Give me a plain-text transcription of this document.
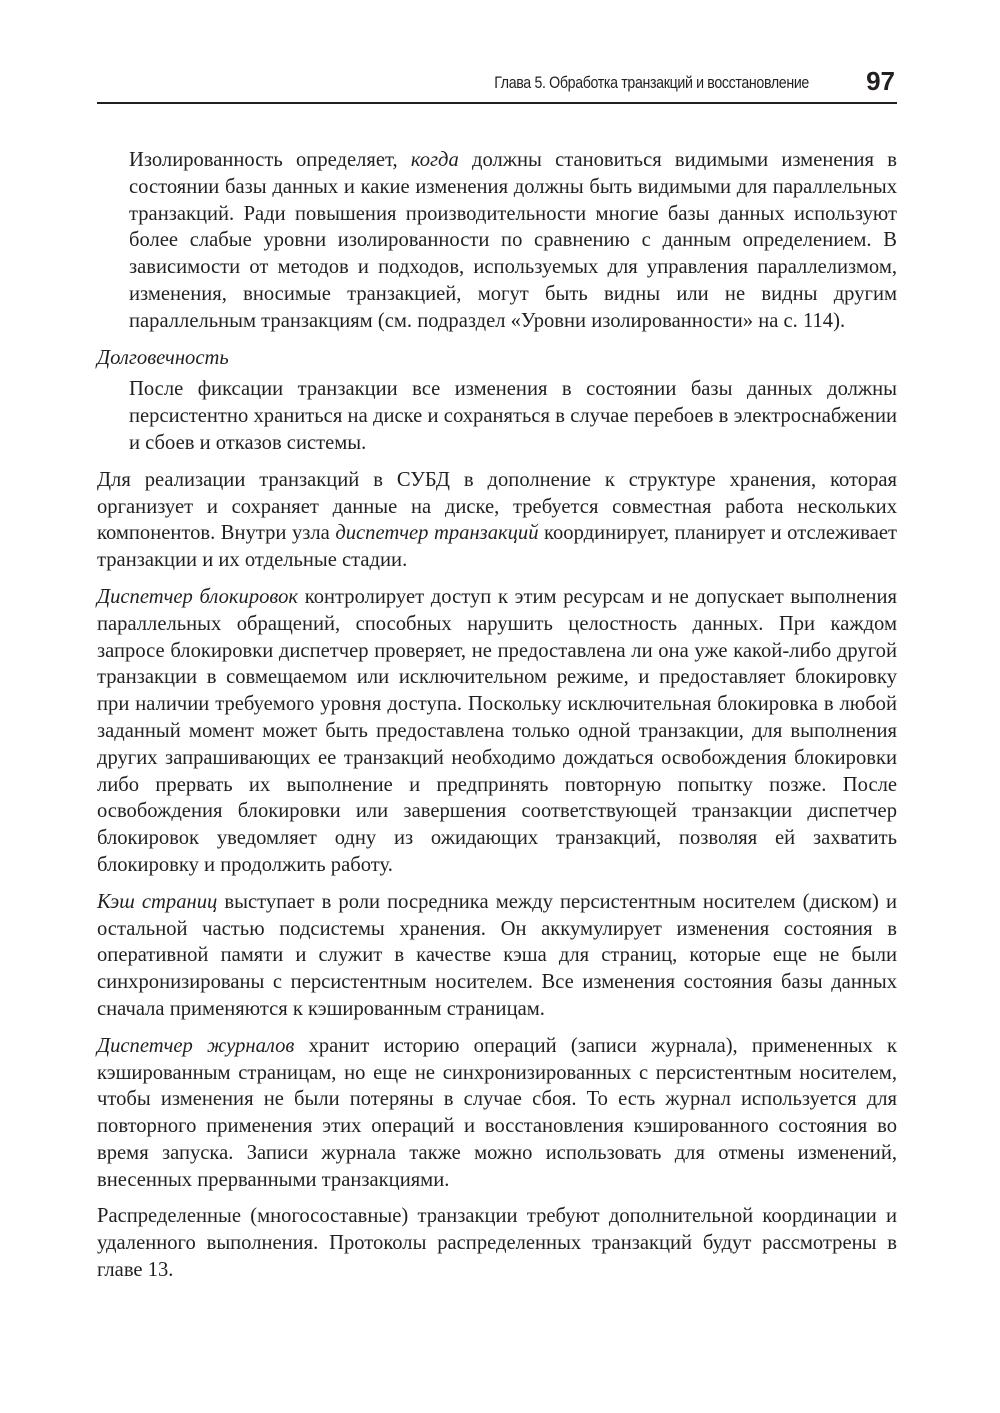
Глава 5. Обработка транзакций и восстановление 97

Изолированность определяет, когда должны становиться видимыми изменения в состоянии базы данных и какие изменения должны быть видимыми для параллельных транзакций. Ради повышения производительности многие базы данных используют более слабые уровни изолированности по сравнению с данным определением. В зависимости от методов и подходов, используемых для управления параллелизмом, изменения, вносимые транзакцией, могут быть видны или не видны другим параллельным транзакциям (см. подраздел «Уровни изолированности» на с. 114).

Долговечность

После фиксации транзакции все изменения в состоянии базы данных должны персистентно храниться на диске и сохраняться в случае перебоев в электроснабжении и сбоев и отказов системы.

Для реализации транзакций в СУБД в дополнение к структуре хранения, которая организует и сохраняет данные на диске, требуется совместная работа нескольких компонентов. Внутри узла диспетчер транзакций координирует, планирует и отслеживает транзакции и их отдельные стадии.

Диспетчер блокировок контролирует доступ к этим ресурсам и не допускает выполнения параллельных обращений, способных нарушить целостность данных. При каждом запросе блокировки диспетчер проверяет, не предоставлена ли она уже какой-либо другой транзакции в совмещаемом или исключительном режиме, и предоставляет блокировку при наличии требуемого уровня доступа. Поскольку исключительная блокировка в любой заданный момент может быть предоставлена только одной транзакции, для выполнения других запрашивающих ее транзакций необходимо дождаться освобождения блокировки либо прервать их выполнение и предпринять повторную попытку позже. После освобождения блокировки или завершения соответствующей транзакции диспетчер блокировок уведомляет одну из ожидающих транзакций, позволяя ей захватить блокировку и продолжить работу.

Кэш страниц выступает в роли посредника между персистентным носителем (диском) и остальной частью подсистемы хранения. Он аккумулирует изменения состояния в оперативной памяти и служит в качестве кэша для страниц, которые еще не были синхронизированы с персистентным носителем. Все изменения состояния базы данных сначала применяются к кэшированным страницам.

Диспетчер журналов хранит историю операций (записи журнала), примененных к кэшированным страницам, но еще не синхронизированных с персистентным носителем, чтобы изменения не были потеряны в случае сбоя. То есть журнал используется для повторного применения этих операций и восстановления кэшированного состояния во время запуска. Записи журнала также можно использовать для отмены изменений, внесенных прерванными транзакциями.

Распределенные (многосоставные) транзакции требуют дополнительной координации и удаленного выполнения. Протоколы распределенных транзакций будут рассмотрены в главе 13.
